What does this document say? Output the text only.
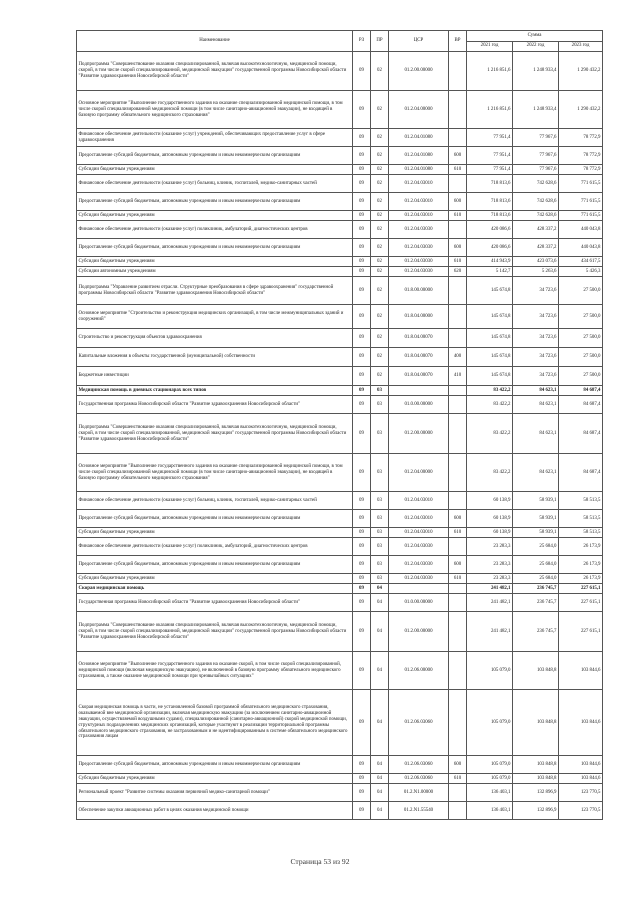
Наименование	РЗ	ПР	ЦСР	ВР	Сумма		
					2021 год	2022 год	2023 год
Подпрограмма "Совершенствование оказания специализированной, включая высокотехнологичную, медицинской помощи, скорой, в том числе скорой специализированной, медицинской эвакуации" государственной программы Новосибирской области "Развитие здравоохранения Новосибирской области"	09	02	01.2.00.00000		1 216 851,6	1 248 933,4	1 290 432,2
Основное мероприятие "Выполнение государственного задания на оказание специализированной медицинской помощи, в том числе скорой специализированной медицинской помощи (в том числе санитарно-авиационной эвакуации), не входящей в базовую программу обязательного медицинского страхования"	09	02	01.2.04.00000		1 216 851,6	1 248 933,4	1 290 432,2
Финансовое обеспечение деятельности (оказание услуг) учреждений, обеспечивающих предоставление услуг в сфере здравоохранения	09	02	01.2.04.01080		77 951,4	77 967,6	78 772,9
Предоставление субсидий бюджетным, автономным учреждениям и иным некоммерческим организациям	09	02	01.2.04.01080	600	77 951,4	77 967,6	78 772,9
Субсидии бюджетным учреждениям	09	02	01.2.04.01080	610	77 951,4	77 967,6	78 772,9
Финансовое обеспечение деятельности (оказание услуг) больниц, клиник, госпиталей, медико-санитарных частей	09	02	01.2.04.03010		718 813,6	742 628,6	771 615,5
Предоставление субсидий бюджетным, автономным учреждениям и иным некоммерческим организациям	09	02	01.2.04.03010	600	718 813,6	742 628,6	771 615,5
Субсидии бюджетным учреждениям	09	02	01.2.04.03010	610	718 813,6	742 628,6	771 615,5
Финансовое обеспечение деятельности (оказание услуг) поликлиник, амбулаторий, диагностических центров	09	02	01.2.04.03030		420 086,6	428 337,2	440 043,8
Предоставление субсидий бюджетным, автономным учреждениям и иным некоммерческим организациям	09	02	01.2.04.03030	600	420 086,6	428 337,2	440 043,8
Субсидии бюджетным учреждениям	09	02	01.2.04.03030	610	414 943,9	423 073,6	434 617,5
Субсидии автономным учреждениям	09	02	01.2.04.03030	620	5 142,7	5 263,6	5 426,3
Подпрограмма "Управление развитием отрасли. Структурные преобразования в сфере здравоохранения" государственной программы Новосибирской области "Развитие здравоохранения Новосибирской области"	09	02	01.8.00.00000		145 674,8	34 723,6	27 500,0
Основное мероприятие "Строительство и реконструкция медицинских организаций, в том числе межмуниципальных зданий и сооружений"	09	02	01.8.04.00000		145 674,8	34 723,6	27 500,0
Строительство и реконструкция объектов здравоохранения	09	02	01.8.04.00070		145 674,8	34 723,6	27 500,0
Капитальные вложения в объекты государственной (муниципальной) собственности	09	02	01.8.04.00070	400	145 674,8	34 723,6	27 500,0
Бюджетные инвестиции	09	02	01.8.04.00070	410	145 674,8	34 723,6	27 500,0
Медицинская помощь в дневных стационарах всех типов	09	03			83 422,2	84 623,1	84 687,4
Государственная программа Новосибирской области "Развитие здравоохранения Новосибирской области"	09	03	01.0.00.00000		83 422,2	84 623,1	84 687,4
Подпрограмма "Совершенствование оказания специализированной, включая высокотехнологичную, медицинской помощи, скорой, в том числе скорой специализированной, медицинской эвакуации" государственной программы Новосибирской области "Развитие здравоохранения Новосибирской области"	09	03	01.2.00.00000		83 422,2	84 623,1	84 687,4
Основное мероприятие "Выполнение государственного задания на оказание специализированной медицинской помощи, в том числе скорой специализированной медицинской помощи (в том числе санитарно-авиационной эвакуации), не входящей в базовую программу обязательного медицинского страхования"	09	03	01.2.04.00000		83 422,2	84 623,1	84 687,4
Финансовое обеспечение деятельности (оказание услуг) больниц, клиник, госпиталей, медико-санитарных частей	09	03	01.2.04.03010		60 138,9	58 939,1	58 513,5
Предоставление субсидий бюджетным, автономным учреждениям и иным некоммерческим организациям	09	03	01.2.04.03010	600	60 138,9	58 939,1	58 513,5
Субсидии бюджетным учреждениям	09	03	01.2.04.03010	610	60 138,9	58 939,1	58 513,5
Финансовое обеспечение деятельности (оказание услуг) поликлиник, амбулаторий, диагностических центров	09	03	01.2.04.03030		23 283,3	25 684,0	26 173,9
Предоставление субсидий бюджетным, автономным учреждениям и иным некоммерческим организациям	09	03	01.2.04.03030	600	23 283,3	25 684,0	26 173,9
Субсидии бюджетным учреждениям	09	03	01.2.04.03030	610	23 283,3	25 684,0	26 173,9
Скорая медицинская помощь	09	04			241 482,1	236 745,7	227 615,1
Государственная программа Новосибирской области "Развитие здравоохранения Новосибирской области"	09	04	01.0.00.00000		241 482,1	236 745,7	227 615,1
Подпрограмма "Совершенствование оказания специализированной, включая высокотехнологичную, медицинской помощи, скорой, в том числе скорой специализированной, медицинской эвакуации" государственной программы Новосибирской области "Развитие здравоохранения Новосибирской области"	09	04	01.2.00.00000		241 482,1	236 745,7	227 615,1
Основное мероприятие "Выполнение государственного задания на оказание скорой, в том числе скорой специализированной, медицинской помощи (включая медицинскую эвакуацию), не включенной в базовую программу обязательного медицинского страхования, а также оказание медицинской помощи при чрезвычайных ситуациях"	09	04	01.2.06.00000		105 079,0	103 848,8	103 844,6
Скорая медицинская помощь в части, не установленной базовой программой обязательного медицинского страхования, оказываемой вне медицинской организации, включая медицинскую эвакуацию (за исключением санитарно-авиационной эвакуации, осуществляемой воздушными судами), специализированной (санитарно-авиационной) скорой медицинской помощи, структурных подразделениях медицинских организаций, которые участвуют в реализации территориальной программы обязательного медицинского страхования, не застрахованным и не идентифицированным в системе обязательного медицинского страхования лицам	09	04	01.2.06.03060		105 079,0	103 848,8	103 844,6
Предоставление субсидий бюджетным, автономным учреждениям и иным некоммерческим организациям	09	04	01.2.06.03060	600	105 079,0	103 848,8	103 844,6
Субсидии бюджетным учреждениям	09	04	01.2.06.03060	610	105 079,0	103 848,8	103 844,6
Региональный проект "Развитие системы оказания первичной медико-санитарной помощи"	09	04	01.2.N1.00000		136 403,1	132 896,9	123 770,5
Обеспечение закупки авиационных работ в целях оказания медицинской помощи	09	04	01.2.N1.55540		136 403,1	132 896,9	123 770,5
Страница 53 из 92
